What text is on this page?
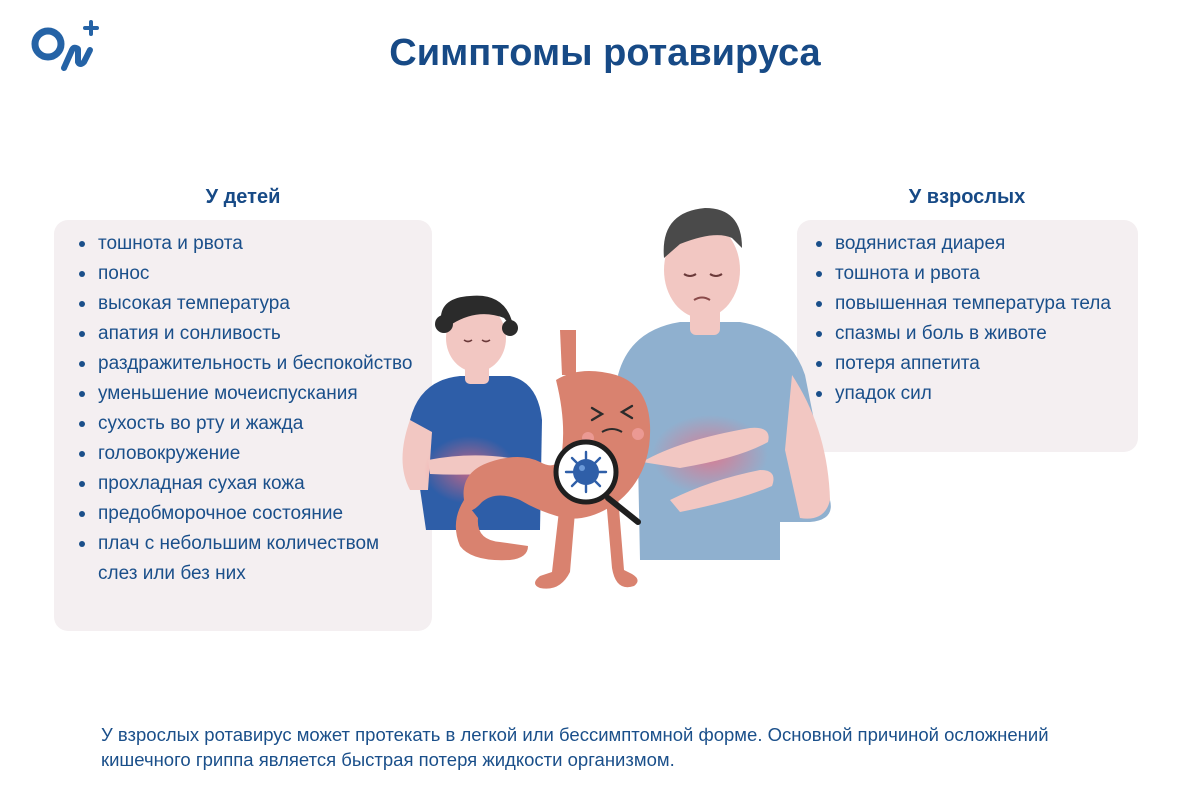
Симптомы ротавируса
У детей	У взрослых
тошнота и рвота
понос
высокая температура
апатия и сонливость
раздражительность и беспокойство
уменьшение мочеиспускания
сухость во рту и жажда
головокружение
прохладная сухая кожа
предобморочное состояние
плач с небольшим количеством слез или без них
водянистая диарея
тошнота и рвота
повышенная температура тела
спазмы и боль в животе
потеря аппетита
упадок сил

У взрослых ротавирус может протекать в легкой или бессимптомной форме. Основной причиной осложнений кишечного гриппа является быстрая потеря жидкости организмом.
